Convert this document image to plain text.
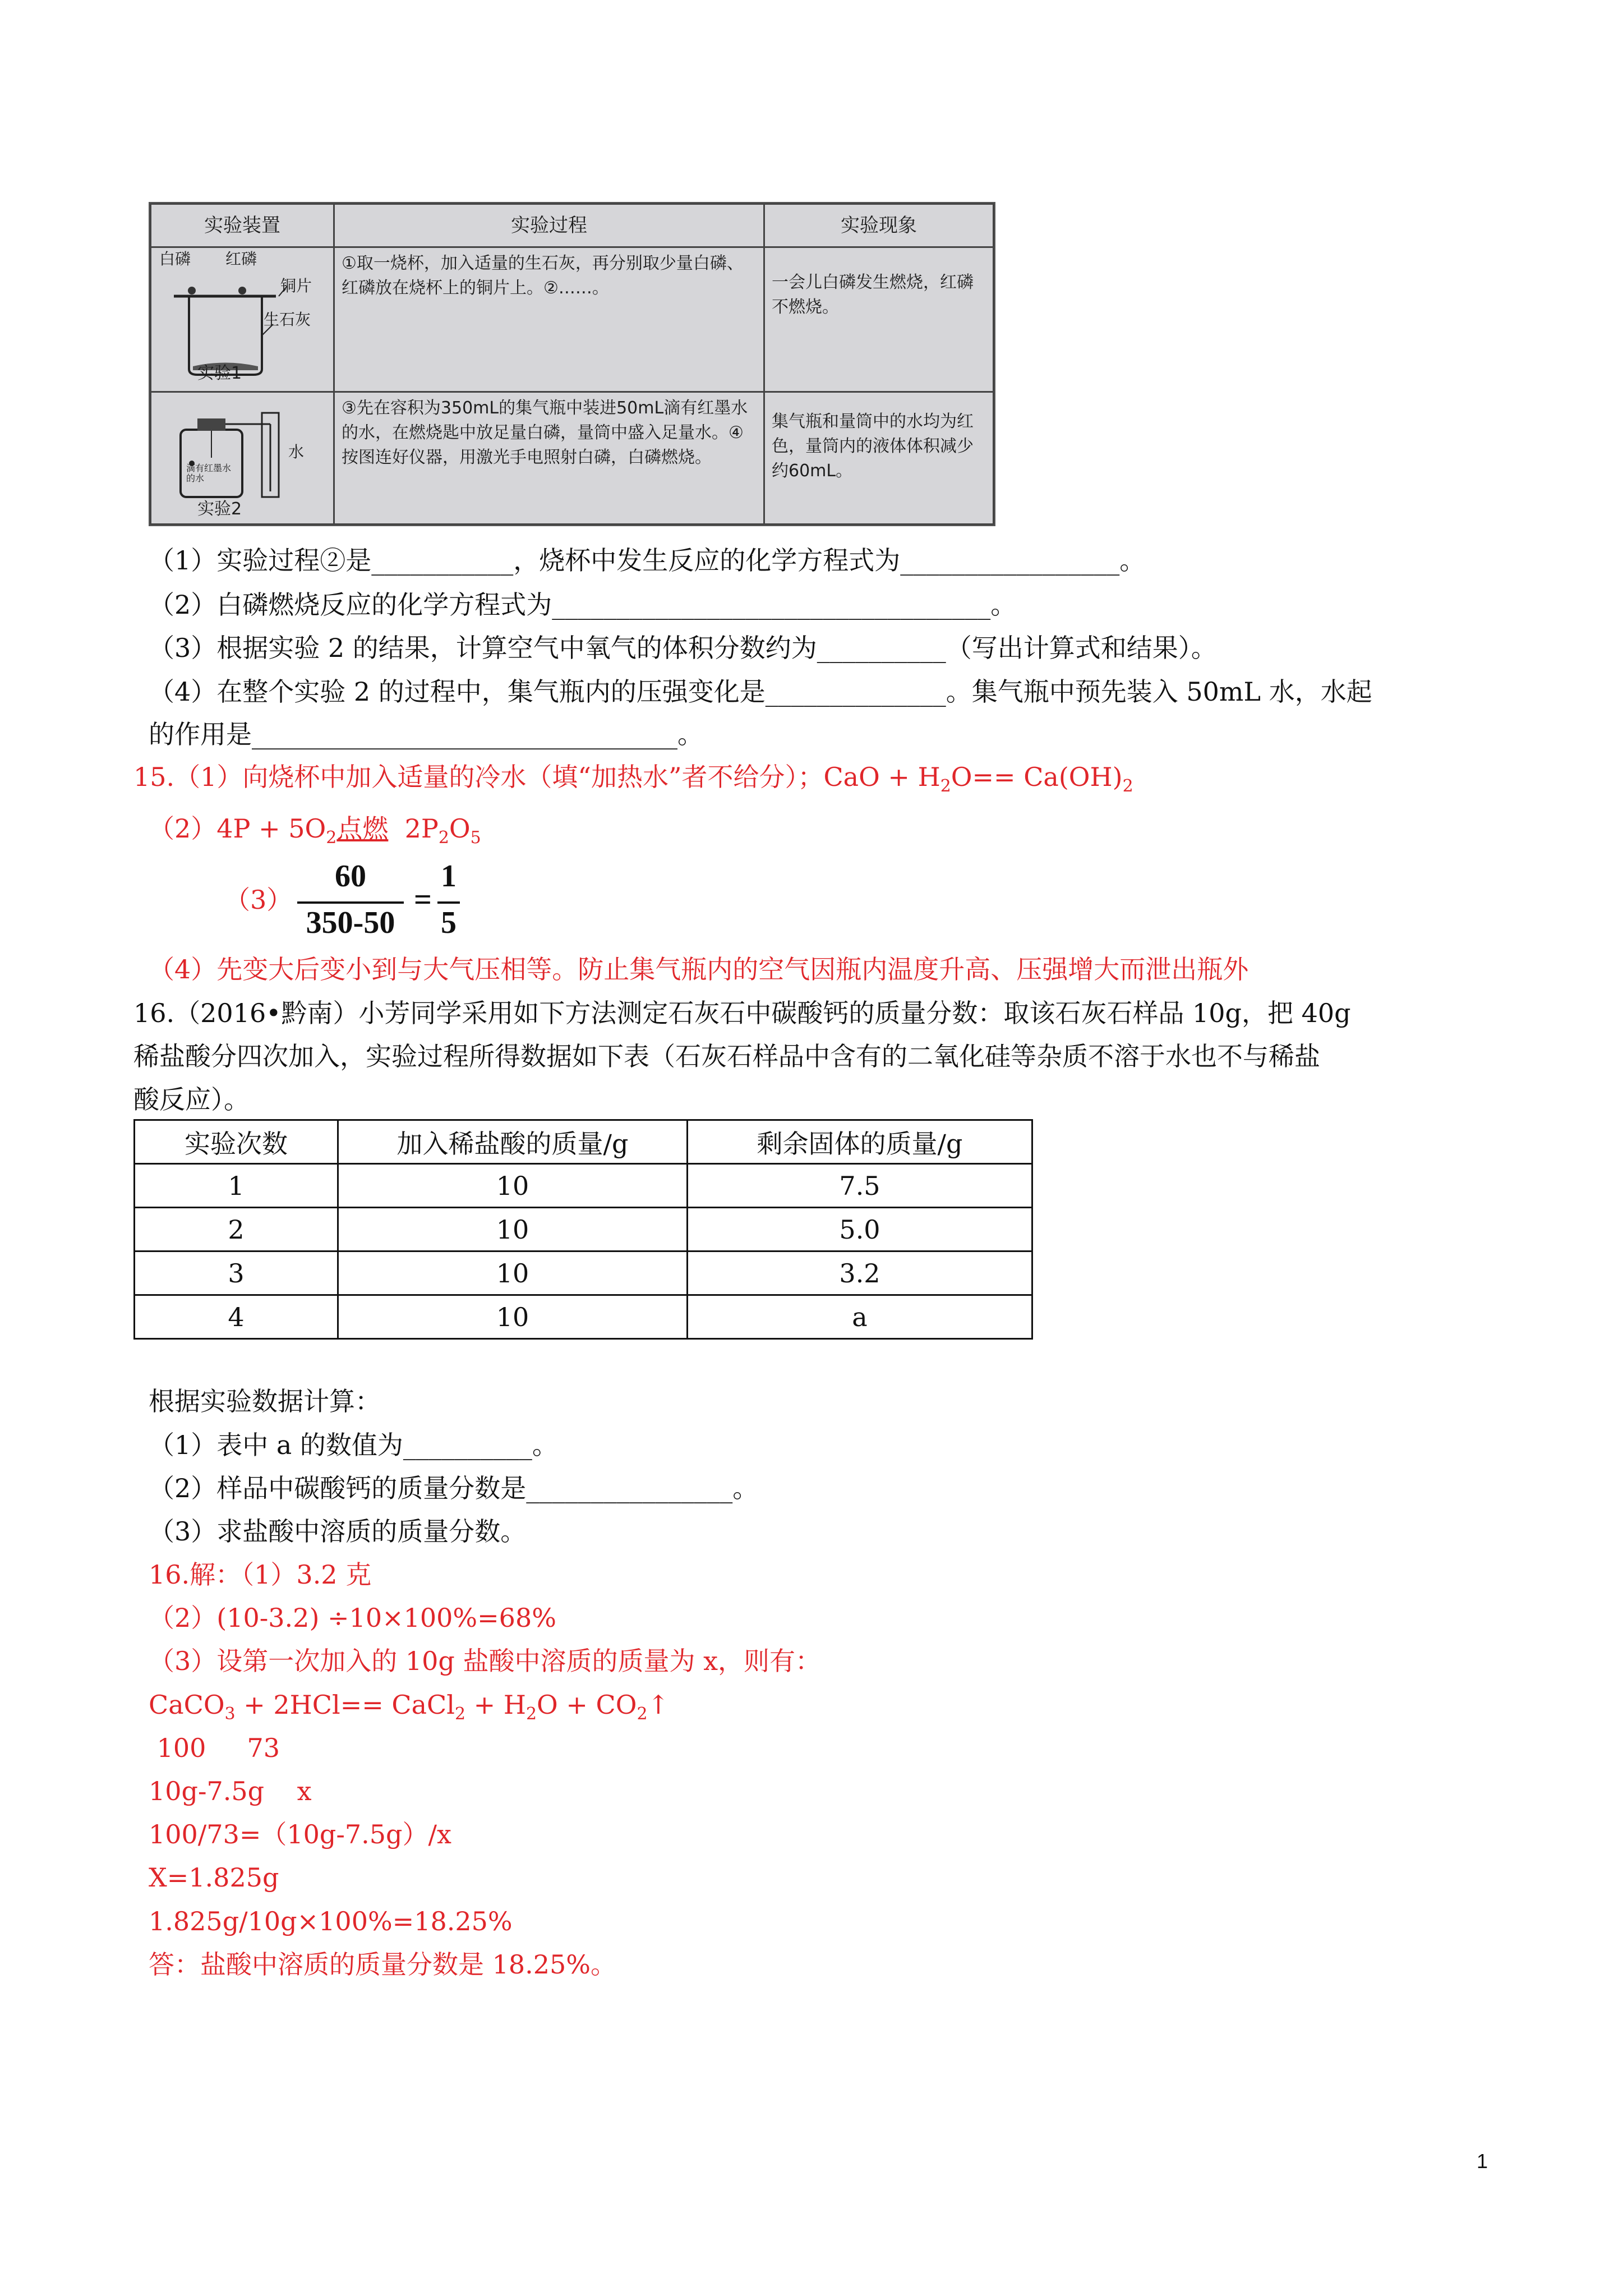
实验装置	实验过程	实验现象

白磷 红磷
铜片
生石灰
实验1	①取一烧杯，加入适量的生石灰，再分别取少量白磷、红磷放在烧杯上的铜片上。②……。	一会儿白磷发生燃烧，红磷不燃烧。

水
滴有红墨水的水
实验2	③先在容积为350mL的集气瓶中装进50mL滴有红墨水的水，在燃烧匙中放足量白磷，量筒中盛入足量水。④按图连好仪器，用激光手电照射白磷，白磷燃烧。	集气瓶和量筒中的水均为红色，量筒内的液体体积减少约60mL。
（1）实验过程②是___________，烧杯中发生反应的化学方程式为_________________。
（2）白磷燃烧反应的化学方程式为__________________________________。
（3）根据实验 2 的结果，计算空气中氧气的体积分数约为__________（写出计算式和结果）。
（4）在整个实验 2 的过程中，集气瓶内的压强变化是______________。集气瓶中预先装入 50mL 水，水起
的作用是_________________________________。
15.（1）向烧杯中加入适量的冷水（填“加热水”者不给分）；CaO + $H_2O== Ca(OH)_2$
$(2)4P + 5O_2$点燃 $2P_2O_5$
（3）
60
350-50
=
1
5
（4）先变大后变小到与大气压相等。防止集气瓶内的空气因瓶内温度升高、压强增大而泄出瓶外
16.（2016•黔南）小芳同学采用如下方法测定石灰石中碳酸钙的质量分数：取该石灰石样品 10g，把 40g
稀盐酸分四次加入，实验过程所得数据如下表（石灰石样品中含有的二氧化硅等杂质不溶于水也不与稀盐
酸反应）。
实验次数	加入稀盐酸的质量/g	剩余固体的质量/g
1	10	7.5
2	10	5.0
3	10	3.2
4	10	a
根据实验数据计算：
（1）表中 a 的数值为__________。
（2）样品中碳酸钙的质量分数是________________。
（3）求盐酸中溶质的质量分数。
16.解：（1）3.2 克
（2）(10-3.2) ÷10×100%=68%
（3）设第一次加入的 10g 盐酸中溶质的质量为 x，则有：
CaCO$_3$ + 2HCl== CaCl$_2$ + $H_2O$ + $CO_2↑$
100     73
10g-7.5g    x
100/73=（10g-7.5g）/x
X=1.825g
1.825g/10g×100%=18.25%
答：盐酸中溶质的质量分数是 18.25%。
1
